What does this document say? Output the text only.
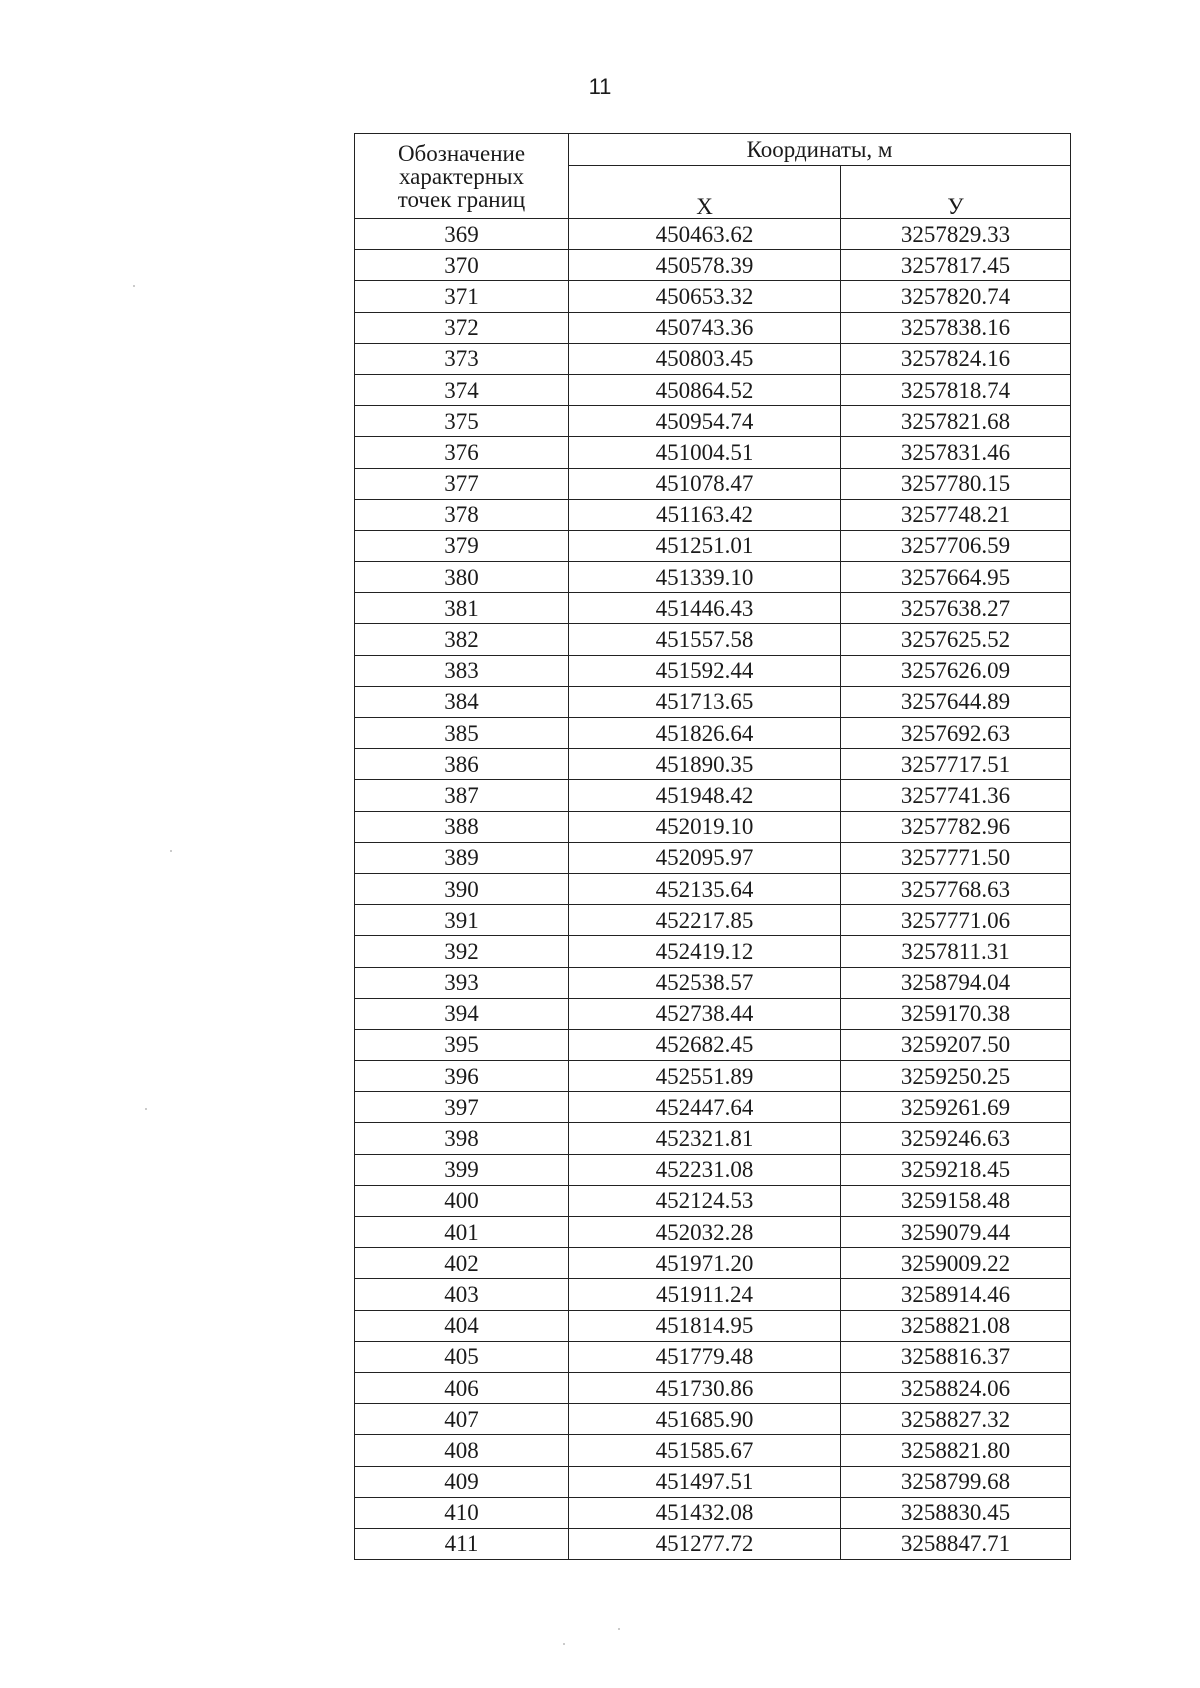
11
Обозначение
характерных
точек границ	Координаты, м	
	X	У
369	450463.62	3257829.33
370	450578.39	3257817.45
371	450653.32	3257820.74
372	450743.36	3257838.16
373	450803.45	3257824.16
374	450864.52	3257818.74
375	450954.74	3257821.68
376	451004.51	3257831.46
377	451078.47	3257780.15
378	451163.42	3257748.21
379	451251.01	3257706.59
380	451339.10	3257664.95
381	451446.43	3257638.27
382	451557.58	3257625.52
383	451592.44	3257626.09
384	451713.65	3257644.89
385	451826.64	3257692.63
386	451890.35	3257717.51
387	451948.42	3257741.36
388	452019.10	3257782.96
389	452095.97	3257771.50
390	452135.64	3257768.63
391	452217.85	3257771.06
392	452419.12	3257811.31
393	452538.57	3258794.04
394	452738.44	3259170.38
395	452682.45	3259207.50
396	452551.89	3259250.25
397	452447.64	3259261.69
398	452321.81	3259246.63
399	452231.08	3259218.45
400	452124.53	3259158.48
401	452032.28	3259079.44
402	451971.20	3259009.22
403	451911.24	3258914.46
404	451814.95	3258821.08
405	451779.48	3258816.37
406	451730.86	3258824.06
407	451685.90	3258827.32
408	451585.67	3258821.80
409	451497.51	3258799.68
410	451432.08	3258830.45
411	451277.72	3258847.71
